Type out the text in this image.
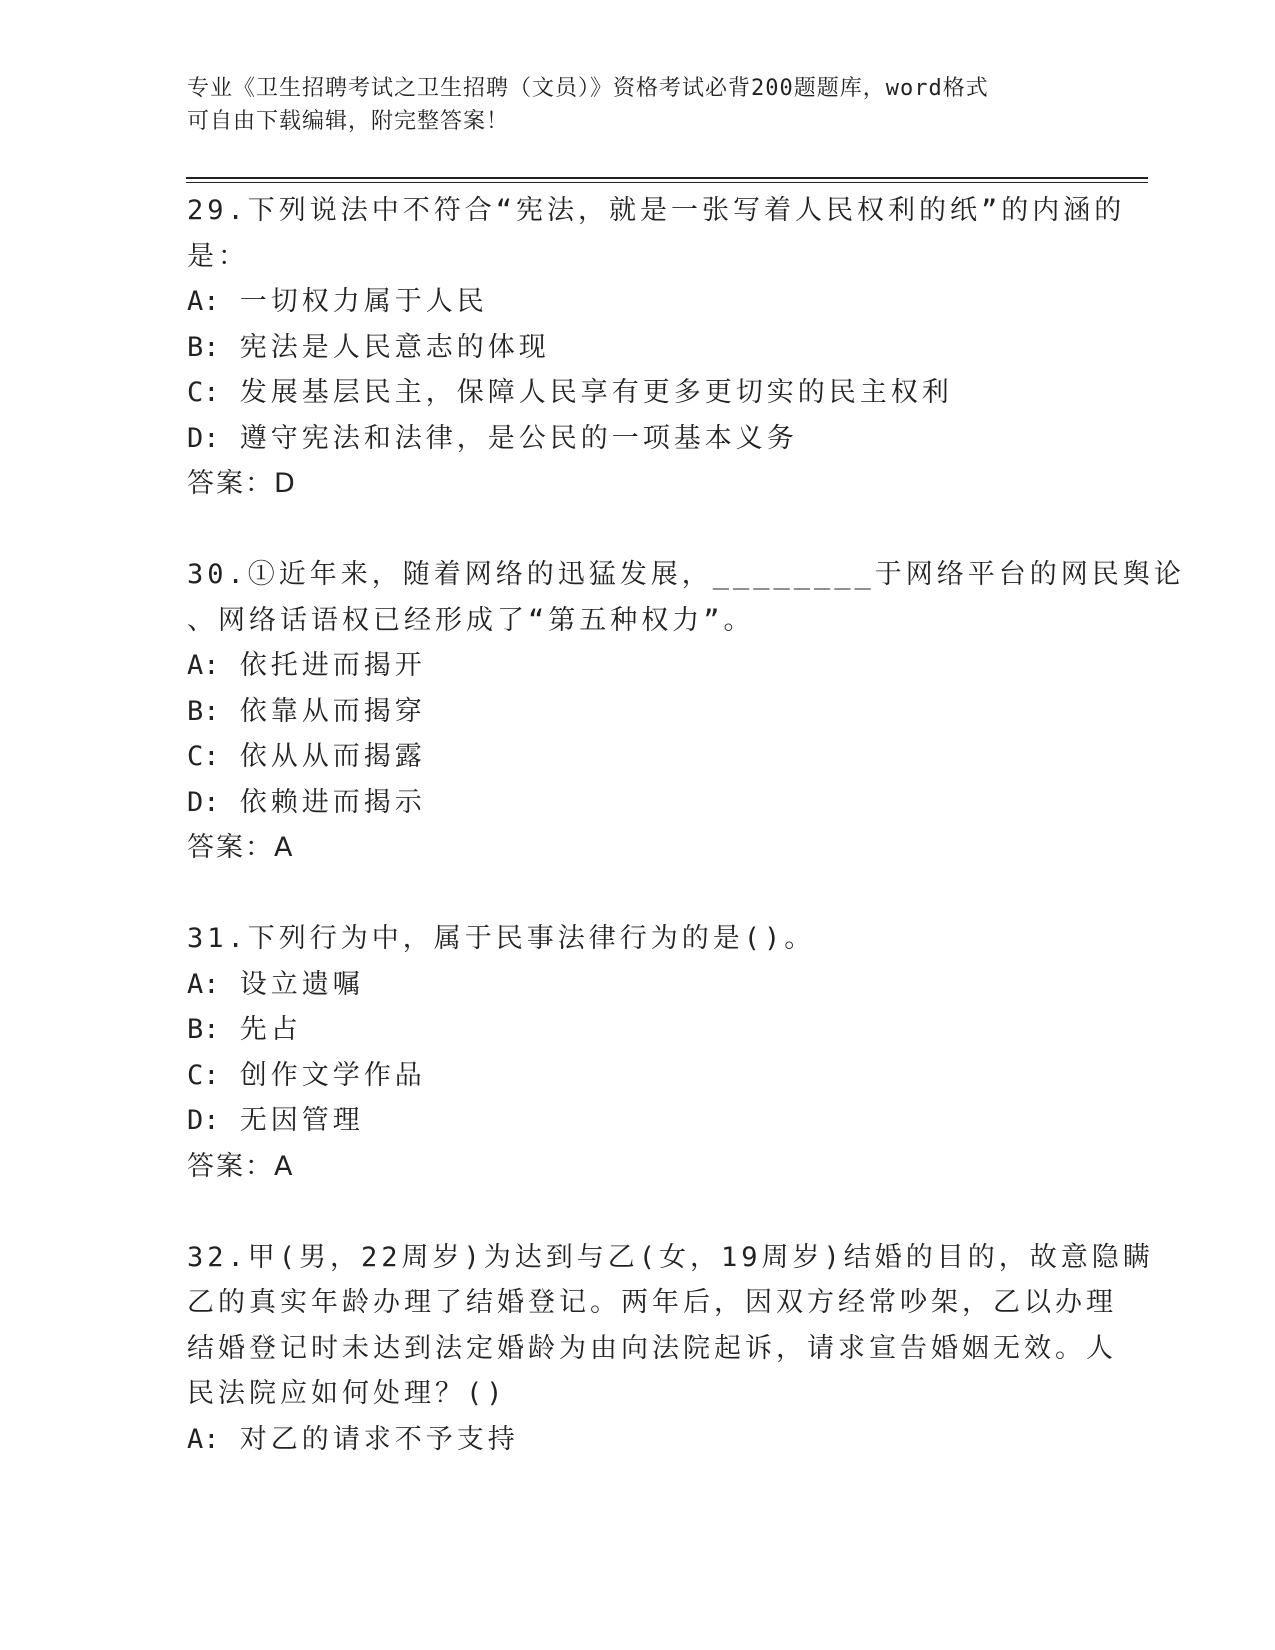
专业《卫生招聘考试之卫生招聘（文员）》资格考试必背200题题库，word格式
可自由下载编辑，附完整答案！
29.下列说法中不符合“宪法，就是一张写着人民权利的纸”的内涵的
是：
A: 一切权力属于人民
B: 宪法是人民意志的体现
C: 发展基层民主，保障人民享有更多更切实的民主权利
D: 遵守宪法和法律，是公民的一项基本义务
答案：D
30.①近年来，随着网络的迅猛发展，________于网络平台的网民舆论
、网络话语权已经形成了“第五种权力”。
A: 依托进而揭开
B: 依靠从而揭穿
C: 依从从而揭露
D: 依赖进而揭示
答案：A
31.下列行为中，属于民事法律行为的是()。
A: 设立遗嘱
B: 先占
C: 创作文学作品
D: 无因管理
答案：A
32.甲(男，22周岁)为达到与乙(女，19周岁)结婚的目的，故意隐瞒
乙的真实年龄办理了结婚登记。两年后，因双方经常吵架，乙以办理
结婚登记时未达到法定婚龄为由向法院起诉，请求宣告婚姻无效。人
民法院应如何处理？()
A: 对乙的请求不予支持
